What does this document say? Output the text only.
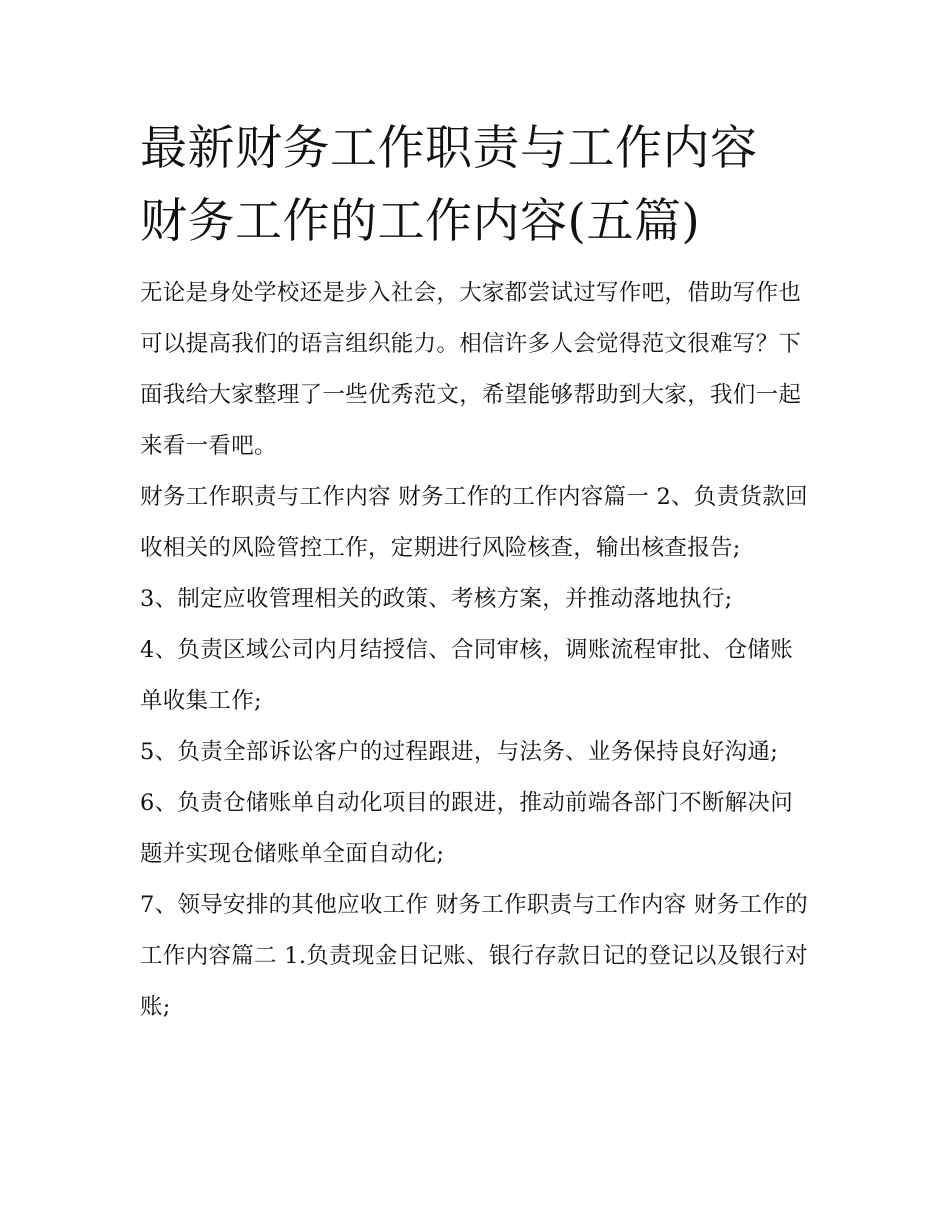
最新财务工作职责与工作内容 财务工作的工作内容(五篇)

无论是身处学校还是步入社会，大家都尝试过写作吧，借助写作也可以提高我们的语言组织能力。相信许多人会觉得范文很难写？下面我给大家整理了一些优秀范文，希望能够帮助到大家，我们一起来看一看吧。

财务工作职责与工作内容 财务工作的工作内容篇一 2、负责货款回收相关的风险管控工作，定期进行风险核查，输出核查报告;

3、制定应收管理相关的政策、考核方案，并推动落地执行;

4、负责区域公司内月结授信、合同审核，调账流程审批、仓储账单收集工作;

5、负责全部诉讼客户的过程跟进，与法务、业务保持良好沟通; 6、负责仓储账单自动化项目的跟进，推动前端各部门不断解决问题并实现仓储账单全面自动化;

7、领导安排的其他应收工作 财务工作职责与工作内容 财务工作的工作内容篇二 1.负责现金日记账、银行存款日记的登记以及银行对账;
